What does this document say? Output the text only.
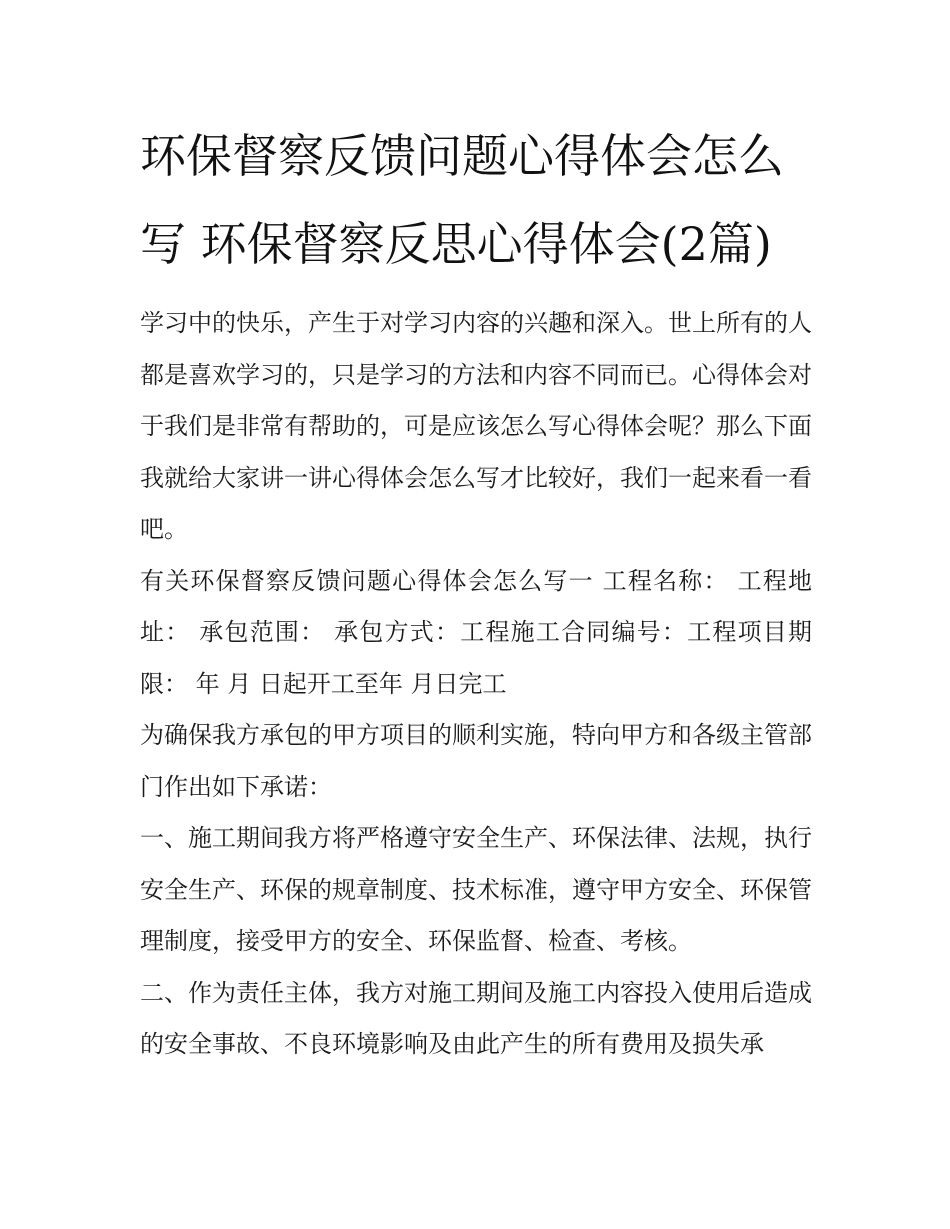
环保督察反馈问题心得体会怎么写 环保督察反思心得体会(2篇)

学习中的快乐，产生于对学习内容的兴趣和深入。世上所有的人都是喜欢学习的，只是学习的方法和内容不同而已。心得体会对于我们是非常有帮助的，可是应该怎么写心得体会呢？那么下面我就给大家讲一讲心得体会怎么写才比较好，我们一起来看一看吧。

有关环保督察反馈问题心得体会怎么写一 工程名称： 工程地址： 承包范围： 承包方式：工程施工合同编号：工程项目期限： 年 月 日起开工至年 月日完工

为确保我方承包的甲方项目的顺利实施，特向甲方和各级主管部门作出如下承诺：

一、施工期间我方将严格遵守安全生产、环保法律、法规，执行安全生产、环保的规章制度、技术标准，遵守甲方安全、环保管理制度，接受甲方的安全、环保监督、检查、考核。

二、作为责任主体，我方对施工期间及施工内容投入使用后造成的安全事故、不良环境影响及由此产生的所有费用及损失承
